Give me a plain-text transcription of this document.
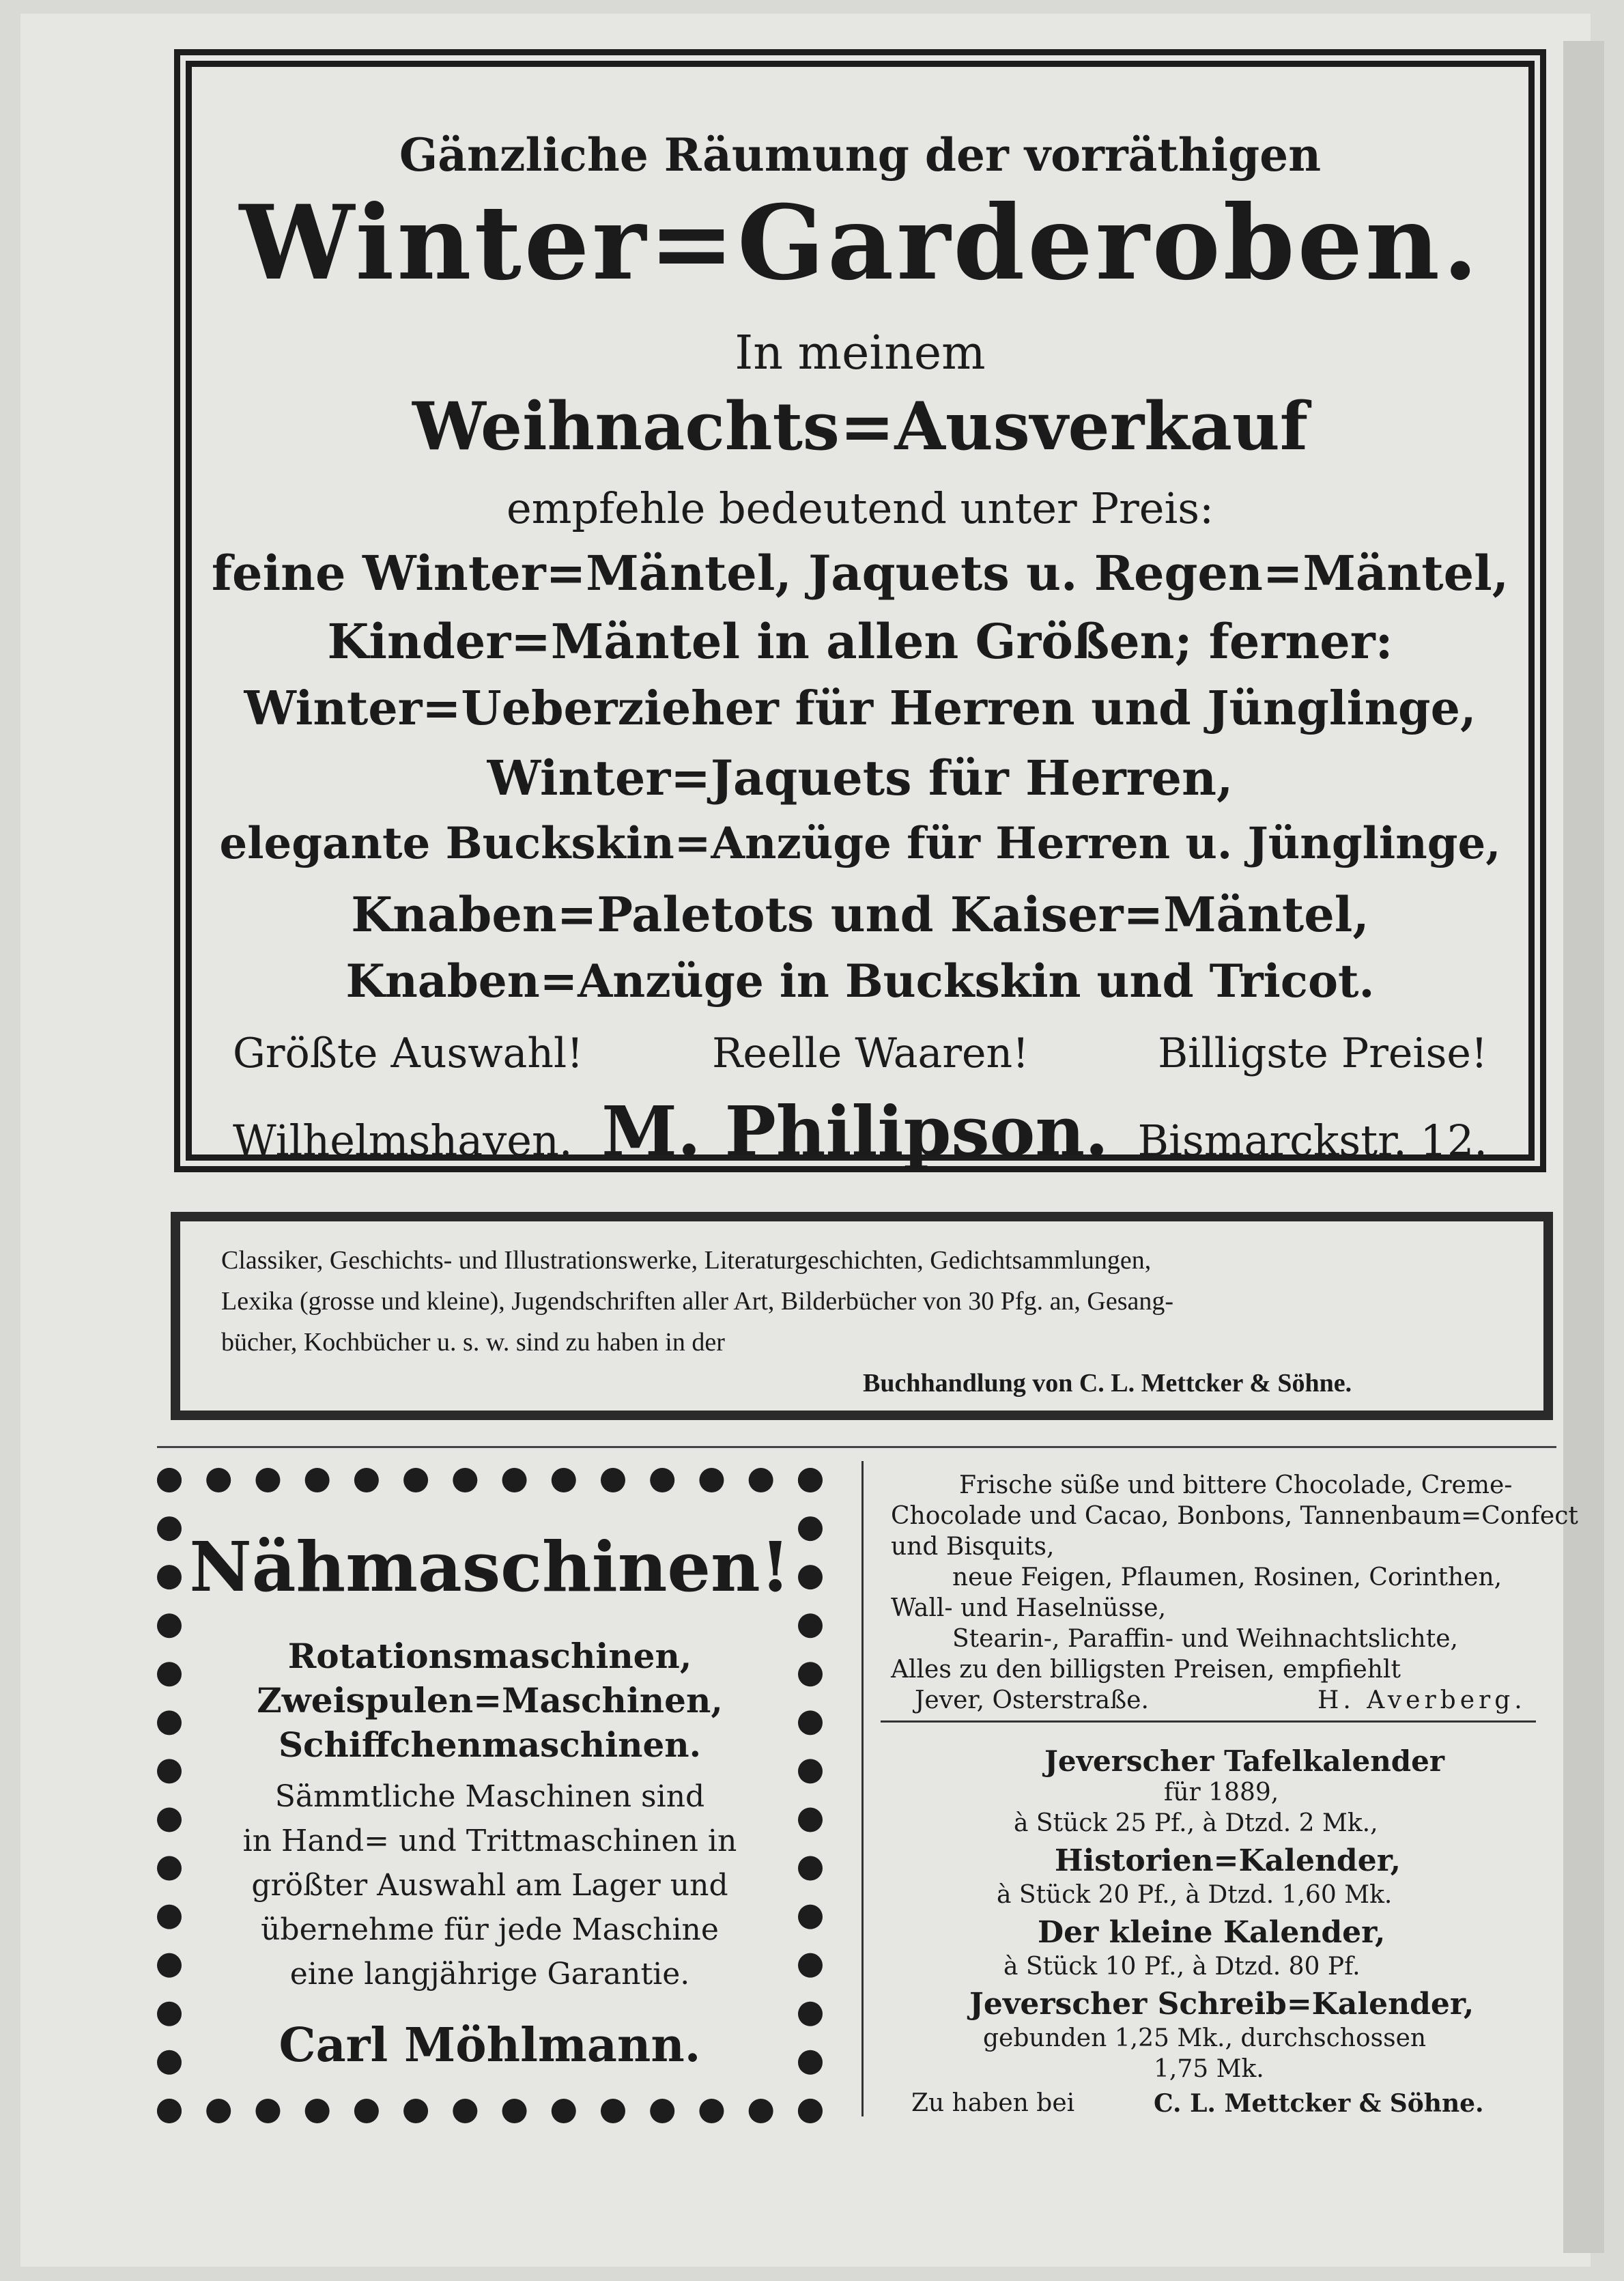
Gänzliche Räumung der vorräthigen
Winter=Garderoben.
In meinem
Weihnachts=Ausverkauf
empfehle bedeutend unter Preis:
feine Winter=Mäntel, Jaquets u. Regen=Mäntel,
Kinder=Mäntel in allen Größen; ferner:
Winter=Ueberzieher für Herren und Jünglinge,
Winter=Jaquets für Herren,
elegante Buckskin=Anzüge für Herren u. Jünglinge,
Knaben=Paletots und Kaiser=Mäntel,
Knaben=Anzüge in Buckskin und Tricot.
Größte Auswahl!	Reelle Waaren!	Billigste Preise!
Wilhelmshaven. M. Philipson. Bismarckstr. 12.
Classiker, Geschichts- und Illustrationswerke, Literaturgeschichten, Gedichtsammlungen,
Lexika (grosse und kleine), Jugendschriften aller Art, Bilderbücher von 30 Pfg. an, Gesang-
bücher, Kochbücher u. s. w. sind zu haben in der
Buchhandlung von C. L. Mettcker & Söhne.
Nähmaschinen!
Rotationsmaschinen,
Zweispulen=Maschinen,
Schiffchenmaschinen.
Sämmtliche Maschinen sind
in Hand= und Trittmaschinen in
größter Auswahl am Lager und
übernehme für jede Maschine
eine langjährige Garantie.
Carl Möhlmann.
Frische süße und bittere Chocolade, Creme-
Chocolade und Cacao, Bonbons, Tannenbaum=Confect
und Bisquits,
neue Feigen, Pflaumen, Rosinen, Corinthen,
Wall- und Haselnüsse,
Stearin-, Paraffin- und Weihnachtslichte,
Alles zu den billigsten Preisen, empfiehlt
Jever, Osterstraße.	H. Averberg.
Jeverscher Tafelkalender
für 1889,
à Stück 25 Pf., à Dtzd. 2 Mk.,
Historien=Kalender,
à Stück 20 Pf., à Dtzd. 1,60 Mk.
Der kleine Kalender,
à Stück 10 Pf., à Dtzd. 80 Pf.
Jeverscher Schreib=Kalender,
gebunden 1,25 Mk., durchschossen
1,75 Mk.
Zu haben bei	C. L. Mettcker & Söhne.
